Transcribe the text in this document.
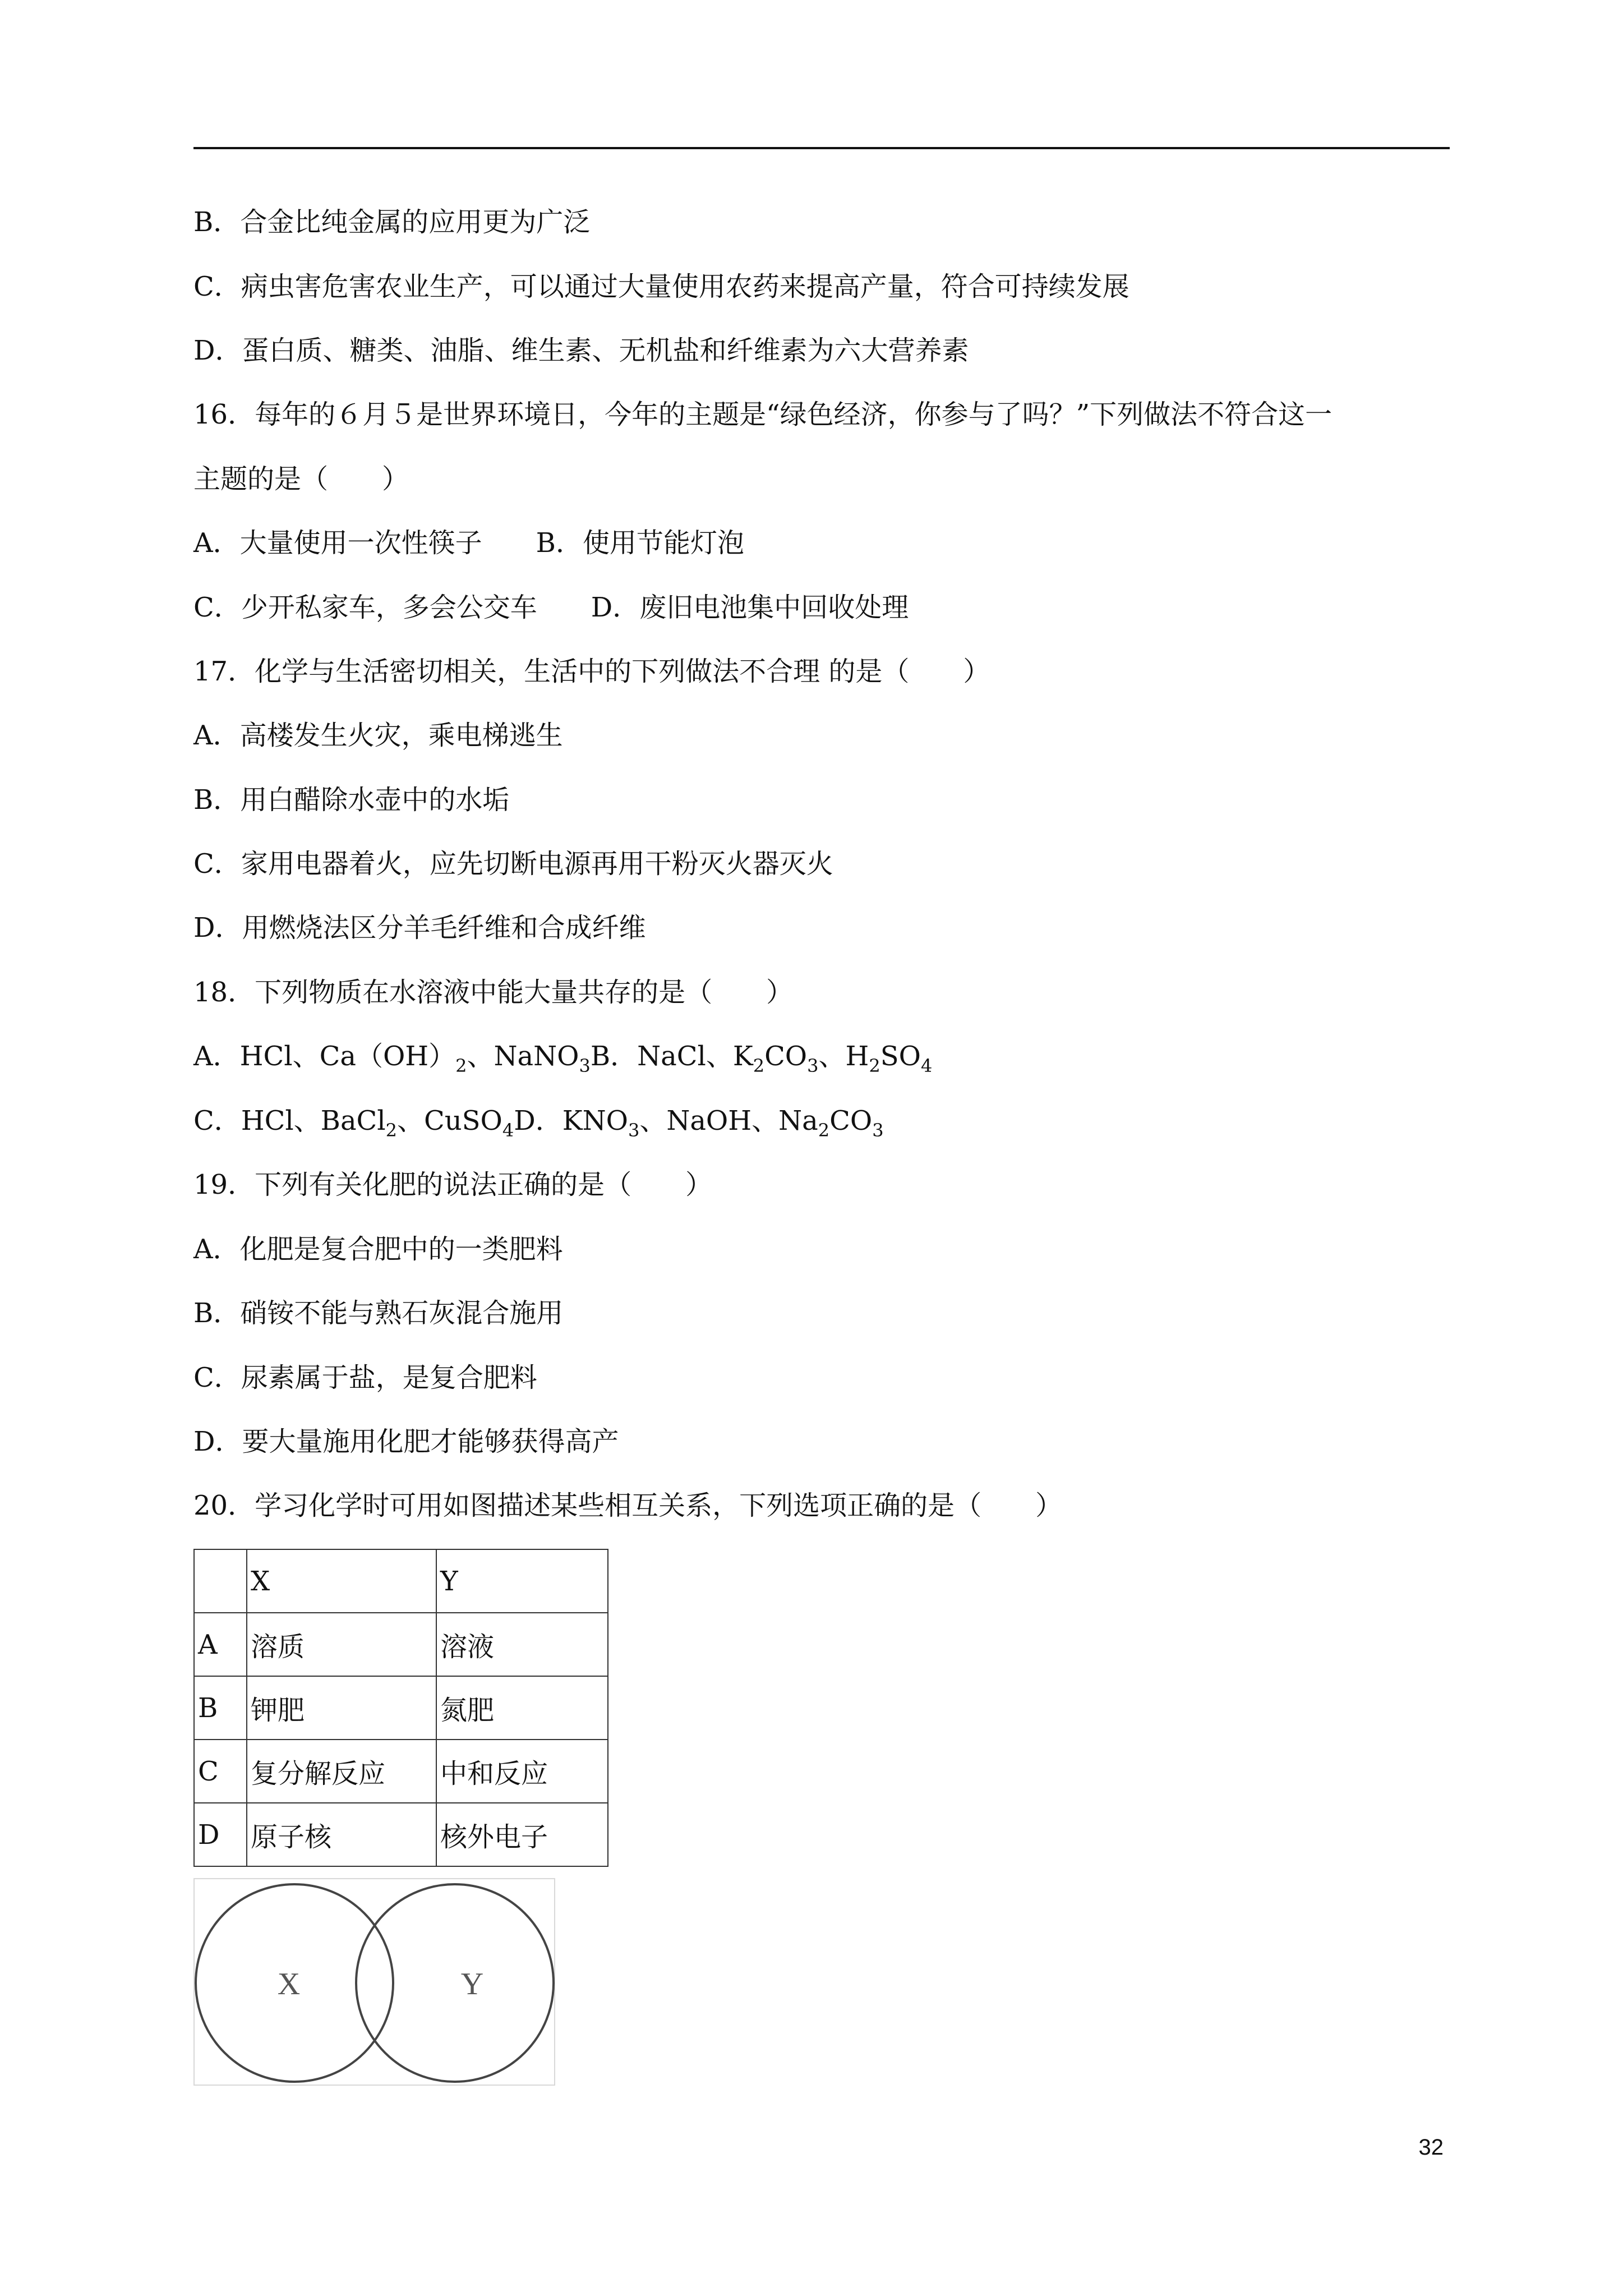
B．合金比纯金属的应用更为广泛
C．病虫害危害农业生产，可以通过大量使用农药来提高产量，符合可持续发展
D．蛋白质、糖类、油脂、维生素、无机盐和纤维素为六大营养素
16．每年的６月５是世界环境日，今年的主题是“绿色经济，你参与了吗？”下列做法不符合这一
主题的是（　　）
A．大量使用一次性筷子　　B．使用节能灯泡
C．少开私家车，多会公交车　　D．废旧电池集中回收处理
17．化学与生活密切相关，生活中的下列做法不合理 的是（　　）
A．高楼发生火灾，乘电梯逃生
B．用白醋除水壶中的水垢
C．家用电器着火，应先切断电源再用干粉灭火器灭火
D．用燃烧法区分羊毛纤维和合成纤维
18．下列物质在水溶液中能大量共存的是（　　）
A．HCl、$Ca(OH)_2$、NaNO$_3$B．NaCl、$K_2CO_3$、$H_2SO_4$
C．HCl、BaCl$_2$、CuSO$_4$D．$KNO_3$、NaOH、$Na_2CO_3$
19．下列有关化肥的说法正确的是（　　）
A．化肥是复合肥中的一类肥料
B．硝铵不能与熟石灰混合施用
C．尿素属于盐，是复合肥料
D．要大量施用化肥才能够获得高产
20．学习化学时可用如图描述某些相互关系，下列选项正确的是（　　）
	X	Y
A	溶质	溶液
B	钾肥	氮肥
C	复分解反应	中和反应
D	原子核	核外电子
X	Y
32
